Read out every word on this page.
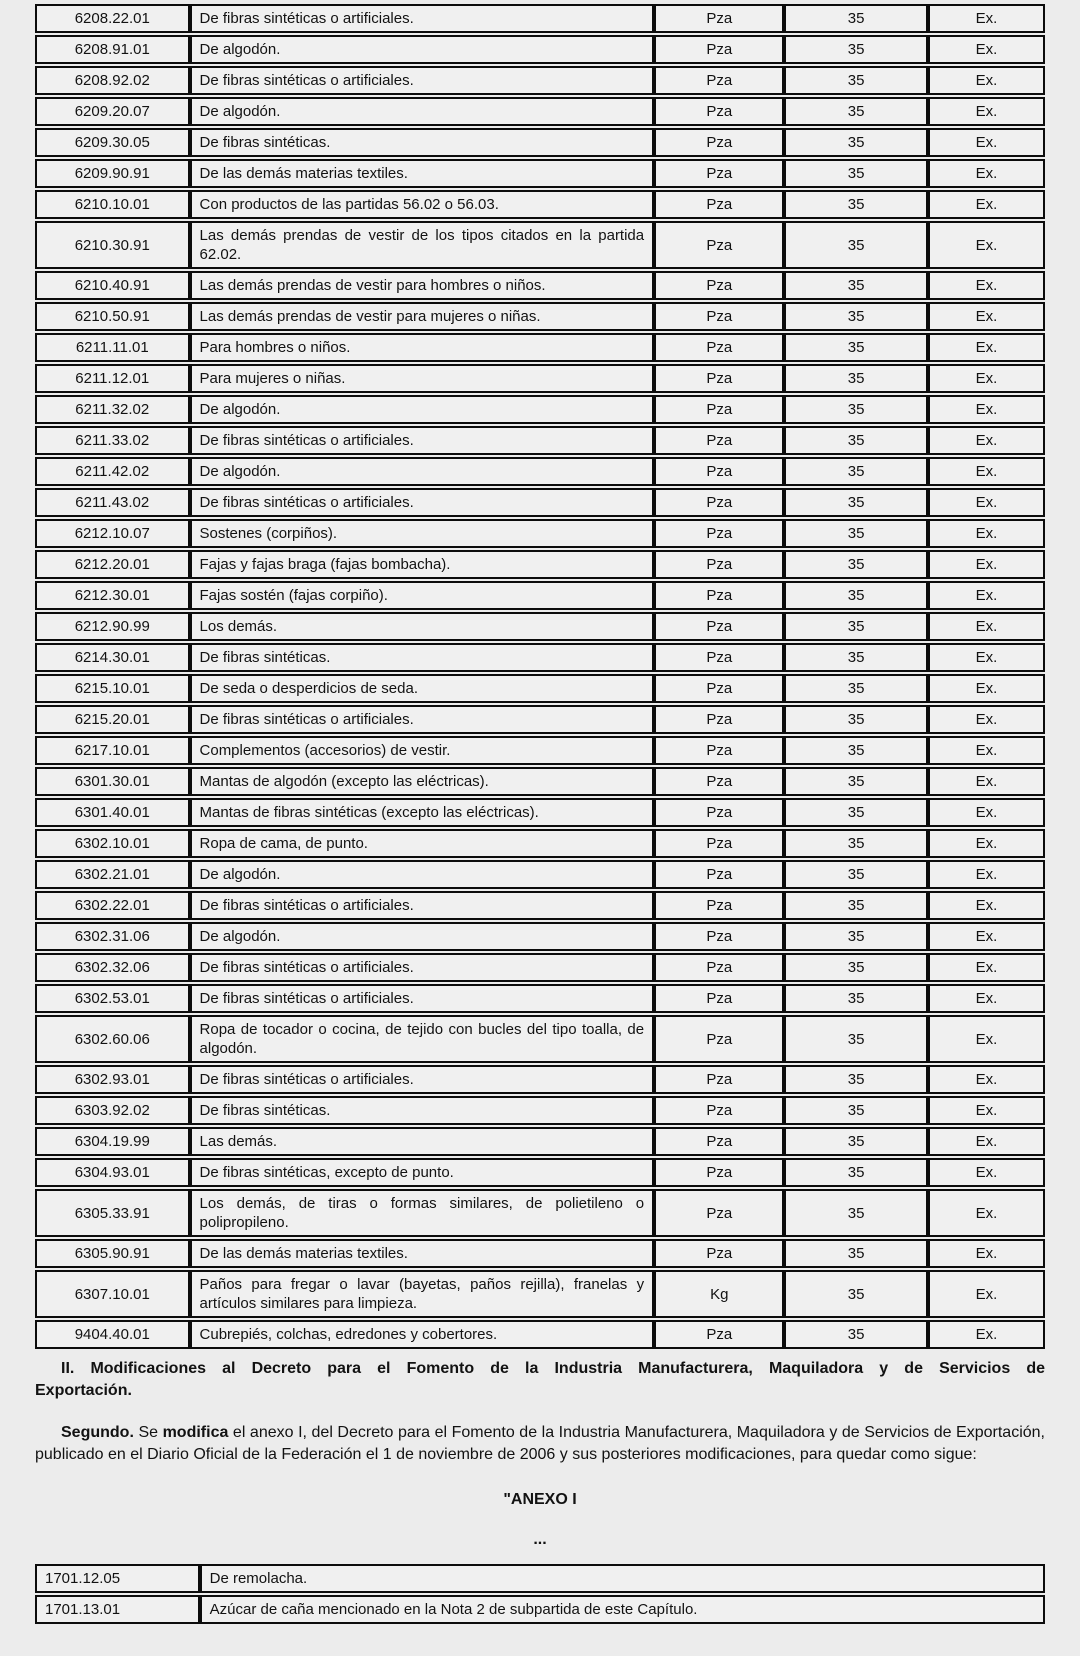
6208.22.01	De fibras sintéticas o artificiales.	Pza	35	Ex.
6208.91.01	De algodón.	Pza	35	Ex.
6208.92.02	De fibras sintéticas o artificiales.	Pza	35	Ex.
6209.20.07	De algodón.	Pza	35	Ex.
6209.30.05	De fibras sintéticas.	Pza	35	Ex.
6209.90.91	De las demás materias textiles.	Pza	35	Ex.
6210.10.01	Con productos de las partidas 56.02 o 56.03.	Pza	35	Ex.
6210.30.91	Las demás prendas de vestir de los tipos citados en la partida 62.02.	Pza	35	Ex.
6210.40.91	Las demás prendas de vestir para hombres o niños.	Pza	35	Ex.
6210.50.91	Las demás prendas de vestir para mujeres o niñas.	Pza	35	Ex.
6211.11.01	Para hombres o niños.	Pza	35	Ex.
6211.12.01	Para mujeres o niñas.	Pza	35	Ex.
6211.32.02	De algodón.	Pza	35	Ex.
6211.33.02	De fibras sintéticas o artificiales.	Pza	35	Ex.
6211.42.02	De algodón.	Pza	35	Ex.
6211.43.02	De fibras sintéticas o artificiales.	Pza	35	Ex.
6212.10.07	Sostenes (corpiños).	Pza	35	Ex.
6212.20.01	Fajas y fajas braga (fajas bombacha).	Pza	35	Ex.
6212.30.01	Fajas sostén (fajas corpiño).	Pza	35	Ex.
6212.90.99	Los demás.	Pza	35	Ex.
6214.30.01	De fibras sintéticas.	Pza	35	Ex.
6215.10.01	De seda o desperdicios de seda.	Pza	35	Ex.
6215.20.01	De fibras sintéticas o artificiales.	Pza	35	Ex.
6217.10.01	Complementos (accesorios) de vestir.	Pza	35	Ex.
6301.30.01	Mantas de algodón (excepto las eléctricas).	Pza	35	Ex.
6301.40.01	Mantas de fibras sintéticas (excepto las eléctricas).	Pza	35	Ex.
6302.10.01	Ropa de cama, de punto.	Pza	35	Ex.
6302.21.01	De algodón.	Pza	35	Ex.
6302.22.01	De fibras sintéticas o artificiales.	Pza	35	Ex.
6302.31.06	De algodón.	Pza	35	Ex.
6302.32.06	De fibras sintéticas o artificiales.	Pza	35	Ex.
6302.53.01	De fibras sintéticas o artificiales.	Pza	35	Ex.
6302.60.06	Ropa de tocador o cocina, de tejido con bucles del tipo toalla, de algodón.	Pza	35	Ex.
6302.93.01	De fibras sintéticas o artificiales.	Pza	35	Ex.
6303.92.02	De fibras sintéticas.	Pza	35	Ex.
6304.19.99	Las demás.	Pza	35	Ex.
6304.93.01	De fibras sintéticas, excepto de punto.	Pza	35	Ex.
6305.33.91	Los demás, de tiras o formas similares, de polietileno o polipropileno.	Pza	35	Ex.
6305.90.91	De las demás materias textiles.	Pza	35	Ex.
6307.10.01	Paños para fregar o lavar (bayetas, paños rejilla), franelas y artículos similares para limpieza.	Kg	35	Ex.
9404.40.01	Cubrepiés, colchas, edredones y cobertores.	Pza	35	Ex.

II. Modificaciones al Decreto para el Fomento de la Industria Manufacturera, Maquiladora y de Servicios de Exportación.

Segundo. Se modifica el anexo I, del Decreto para el Fomento de la Industria Manufacturera, Maquiladora y de Servicios de Exportación, publicado en el Diario Oficial de la Federación el 1 de noviembre de 2006 y sus posteriores modificaciones, para quedar como sigue:

"ANEXO I
...
1701.12.05	De remolacha.
1701.13.01	Azúcar de caña mencionado en la Nota 2 de subpartida de este Capítulo.
